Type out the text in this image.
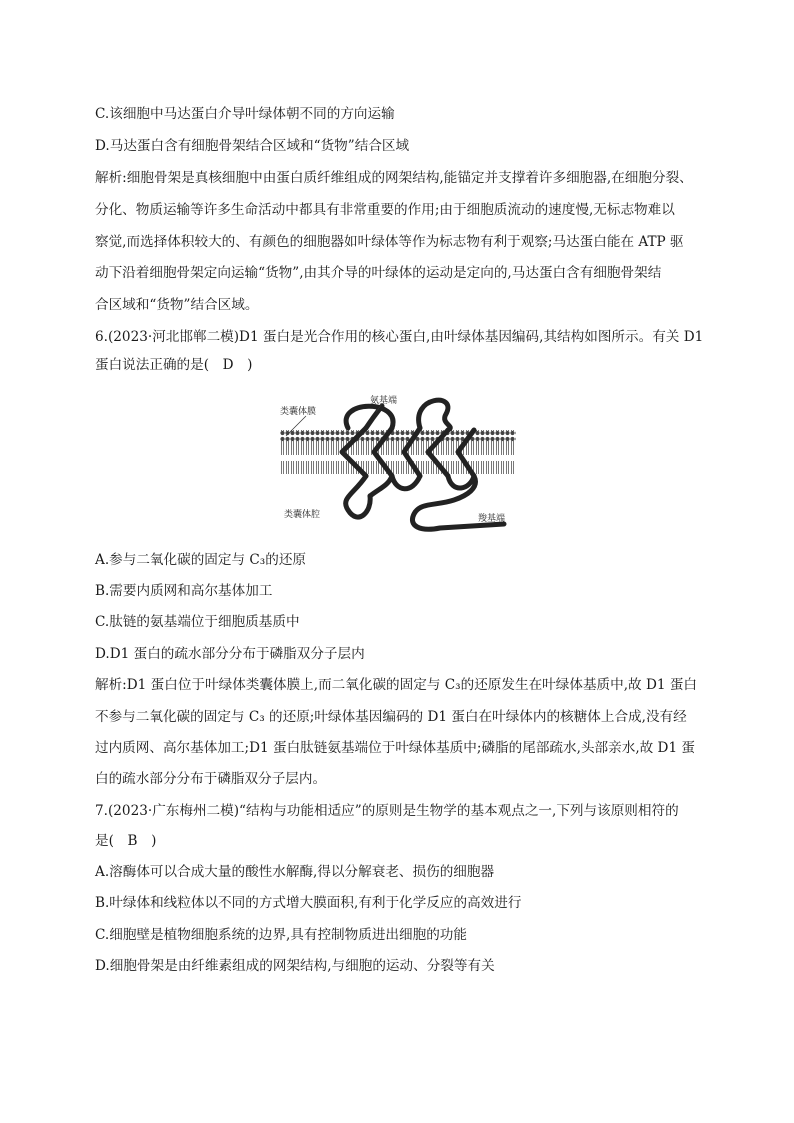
C.该细胞中马达蛋白介导叶绿体朝不同的方向运输
D.马达蛋白含有细胞骨架结合区域和“货物”结合区域
解析:细胞骨架是真核细胞中由蛋白质纤维组成的网架结构,能锚定并支撑着许多细胞器,在细胞分裂、
分化、物质运输等许多生命活动中都具有非常重要的作用;由于细胞质流动的速度慢,无标志物难以
察觉,而选择体积较大的、有颜色的细胞器如叶绿体等作为标志物有利于观察;马达蛋白能在 ATP 驱
动下沿着细胞骨架定向运输“货物”,由其介导的叶绿体的运动是定向的,马达蛋白含有细胞骨架结
合区域和“货物”结合区域。
6.(2023·河北邯郸二模)D1 蛋白是光合作用的核心蛋白,由叶绿体基因编码,其结构如图所示。有关 D1
蛋白说法正确的是(　D　)
类囊体膜
氨基端
类囊体腔	羧基端
A.参与二氧化碳的固定与 C₃的还原
B.需要内质网和高尔基体加工
C.肽链的氨基端位于细胞质基质中
D.D1 蛋白的疏水部分分布于磷脂双分子层内
解析:D1 蛋白位于叶绿体类囊体膜上,而二氧化碳的固定与 C₃的还原发生在叶绿体基质中,故 D1 蛋白
不参与二氧化碳的固定与 C₃ 的还原;叶绿体基因编码的 D1 蛋白在叶绿体内的核糖体上合成,没有经
过内质网、高尔基体加工;D1 蛋白肽链氨基端位于叶绿体基质中;磷脂的尾部疏水,头部亲水,故 D1 蛋
白的疏水部分分布于磷脂双分子层内。
7.(2023·广东梅州二模)“结构与功能相适应”的原则是生物学的基本观点之一,下列与该原则相符的
是(　B　)
A.溶酶体可以合成大量的酸性水解酶,得以分解衰老、损伤的细胞器
B.叶绿体和线粒体以不同的方式增大膜面积,有利于化学反应的高效进行
C.细胞壁是植物细胞系统的边界,具有控制物质进出细胞的功能
D.细胞骨架是由纤维素组成的网架结构,与细胞的运动、分裂等有关
